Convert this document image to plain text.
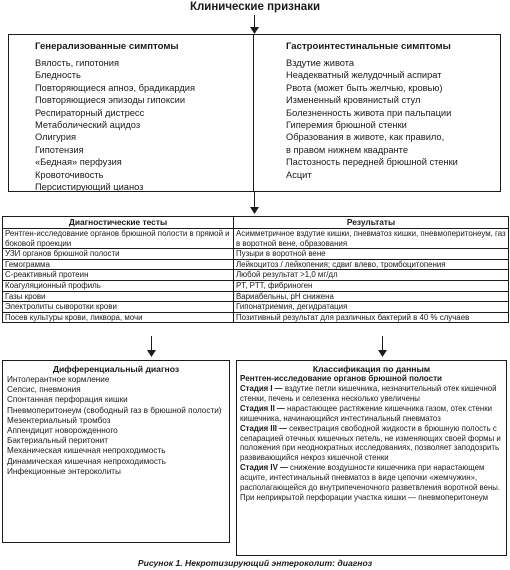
Клинические признаки
Генерализованные симптомы
Вялость, гипотония
Бледность
Повторяющиеся апноэ, брадикардия
Повторяющиеся эпизоды гипоксии
Респираторный дистресс
Метаболический ацидоз
Олигурия
Гипотензия
«Бедная» перфузия
Кровоточивость
Персистирующий цианоз
Гастроинтестинальные симптомы
Вздутие живота
Неадекватный желудочный аспират
Рвота (может быть желчью, кровью)
Измененный кровянистый стул
Болезненность живота при пальпации
Гиперемия брюшной стенки
Образования в животе, как правило,
в правом нижнем квадранте
Пастозность передней брюшной стенки
Асцит
Диагностические тесты	Результаты
Рентген-исследование органов брюшной полости в прямой и боковой проекции	Асимметричное вздутие кишки, пневматоз кишки, пневмоперитонеум, газ в воротной вене, образования
УЗИ органов брюшной полости	Пузыри в воротной вене
Гемограмма	Лейкоцитоз / лейкопения; сдвиг влево, тромбоцитопения
С-реактивный протеин	Любой результат >1,0 мг/дл
Коагуляционный профиль	PT, PTT, фибриноген
Газы крови	Вариабельны, pH снижена
Электролиты сыворотки крови	Гипонатриемия, дегидратация
Посев культуры крови, ликвора, мочи	Позитивный результат для различных бактерий в 40 % случаев
Дифференциальный диагноз
Интолерантное кормление
Сепсис, пневмония
Спонтанная перфорация кишки
Пневмоперитонеум (свободный газ в брюшной полости)
Мезентериальный тромбоз
Аппендицит новорожденного
Бактериальный перитонит
Механическая кишечная непроходимость
Динамическая кишечная непроходимость
Инфекционные энтероколиты
Классификация по данным
Рентген-исследование органов брюшной полости
Стадия I — вздутие петли кишечника, незначительный отек кишечной стенки, печень и селезенка несколько увеличены
Стадия II — нарастающее растяжение кишечника газом, отек стенки кишечника, начинающийся интестинальный пневматоз
Стадия III — секвестрация свободной жидкости в брюшную полость с сепарацией отечных кишечных петель, не изменяющих своей формы и положения при неоднократных исследованиях, позволяет заподозрить развивающийся некроз кишечной стенки
Стадия IV — снижение воздушности кишечника при нарастающем асците, интестинальный пневматоз в виде цепочки «жемчужин», располагающейся до внутрипеченочного разветвления воротной вены. При неприкрытой перфорации участка кишки — пневмоперитонеум
Рисунок 1. Некротизирующий энтероколит: диагноз
